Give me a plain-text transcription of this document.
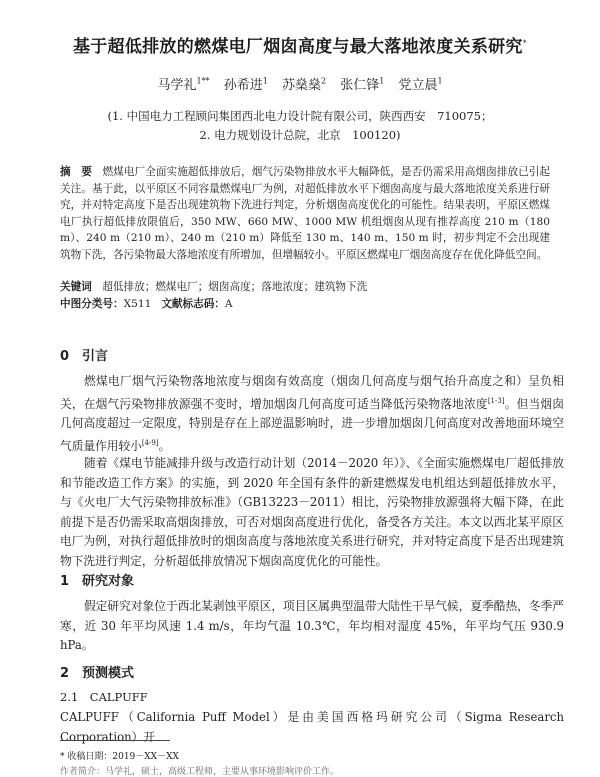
基于超低排放的燃煤电厂烟囱高度与最大落地浓度关系研究*
马学礼$^{1**}$ 孙希进$^1$ 苏燊燊$^2$ 张仁锋$^1$ 党立晨$^1$
(1. 中国电力工程顾问集团西北电力设计院有限公司，陕西西安　710075；
2. 电力规划设计总院，北京　100120)
摘　要　 燃煤电厂全面实施超低排放后，烟气污染物排放水平大幅降低，是否仍需采用高烟囱排放已引起关注。基于此，以平原区不同容量燃煤电厂为例，对超低排放水平下烟囱高度与最大落地浓度关系进行研究，并对特定高度下是否出现建筑物下洗进行判定，分析烟囱高度优化的可能性。结果表明，平原区燃煤电厂执行超低排放限值后，350 MW、660 MW、1000 MW 机组烟囱从现有推荐高度 210 m（180 m）、240 m（210 m）、240 m（210 m）降低至 130 m、140 m、150 m 时，初步判定不会出现建筑物下洗，各污染物最大落地浓度有所增加，但增幅较小。平原区燃煤电厂烟囱高度存在优化降低空间。
关键词　 超低排放；燃煤电厂；烟囱高度；落地浓度；建筑物下洗
中图分类号：X511 文献标志码：A
0 引言
燃煤电厂烟气污染物落地浓度与烟囱有效高度（烟囱几何高度与烟气抬升高度之和）呈负相关，在烟气污染物排放源强不变时，增加烟囱几何高度可适当降低污染物落地浓度[1-3]。但当烟囱几何高度超过一定限度，特别是存在上部逆温影响时，进一步增加烟囱几何高度对改善地面环境空气质量作用较小[4-9]。
随着《煤电节能减排升级与改造行动计划（2014－2020 年）》、《全面实施燃煤电厂超低排放和节能改造工作方案》的实施，到 2020 年全国有条件的新建燃煤发电机组达到超低排放水平，与《火电厂大气污染物排放标准》（GB13223－2011）相比，污染物排放源强将大幅下降，在此前提下是否仍需采取高烟囱排放，可否对烟囱高度进行优化，备受各方关注。本文以西北某平原区电厂为例，对执行超低排放时的烟囱高度与落地浓度关系进行研究，并对特定高度下是否出现建筑物下洗进行判定，分析超低排放情况下烟囱高度优化的可能性。
1 研究对象
假定研究对象位于西北某剥蚀平原区，项目区属典型温带大陆性干旱气候，夏季酷热，冬季严寒，近 30 年平均风速 1.4 m/s，年均气温 10.3℃，年均相对湿度 45%，年平均气压 930.9 hPa。
2 预测模式
2.1　 CALPUFF
CALPUFF（California Puff Model）是由美国西格玛研究公司（Sigma Research Corporation）开
* 收稿日期：2019－XX－XX
作者简介：马学礼，硕士，高级工程师，主要从事环境影响评价工作。
